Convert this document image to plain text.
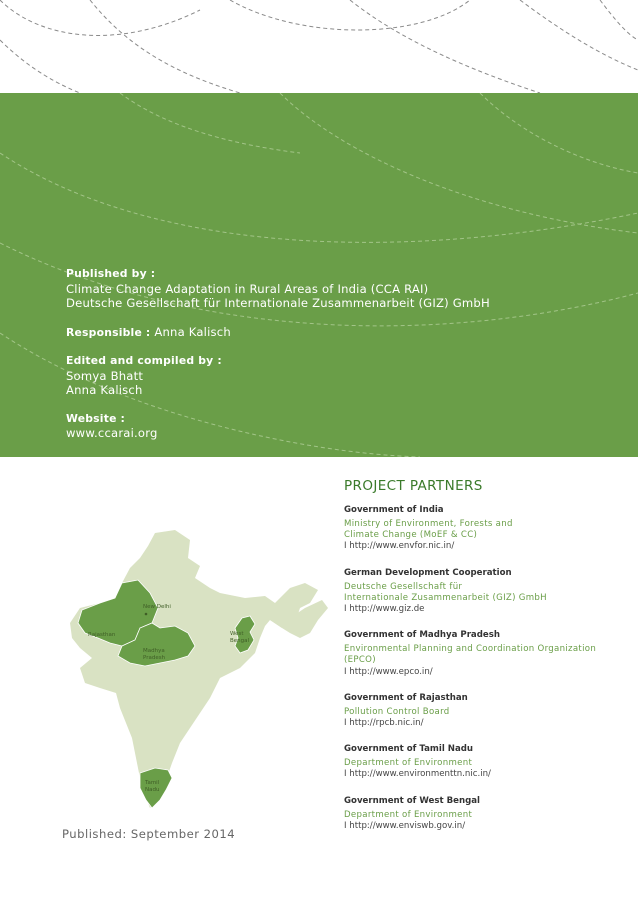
Published by :
Climate Change Adaptation in Rural Areas of India (CCA RAI)
Deutsche Gesellschaft für Internationale Zusammenarbeit (GIZ) GmbH
Responsible : Anna Kalisch
Edited and compiled by :
Somya Bhatt
Anna Kalisch
Website :
www.ccarai.org
New Delhi
Rajasthan
Madhya
Pradesh
West
Bengal
Tamil
Nadu
PROJECT PARTNERS
Government of India
Ministry of Environment, Forests and
Climate Change (MoEF & CC)
I http://www.envfor.nic.in/
German Development Cooperation
Deutsche Gesellschaft für
Internationale Zusammenarbeit (GIZ) GmbH
I http://www.giz.de
Government of Madhya Pradesh
Environmental Planning and Coordination Organization
(EPCO)
I http://www.epco.in/
Government of Rajasthan
Pollution Control Board
I http://rpcb.nic.in/
Government of Tamil Nadu
Department of Environment
I http://www.environmenttn.nic.in/
Government of West Bengal
Department of Environment
I http://www.enviswb.gov.in/
Published: September 2014
